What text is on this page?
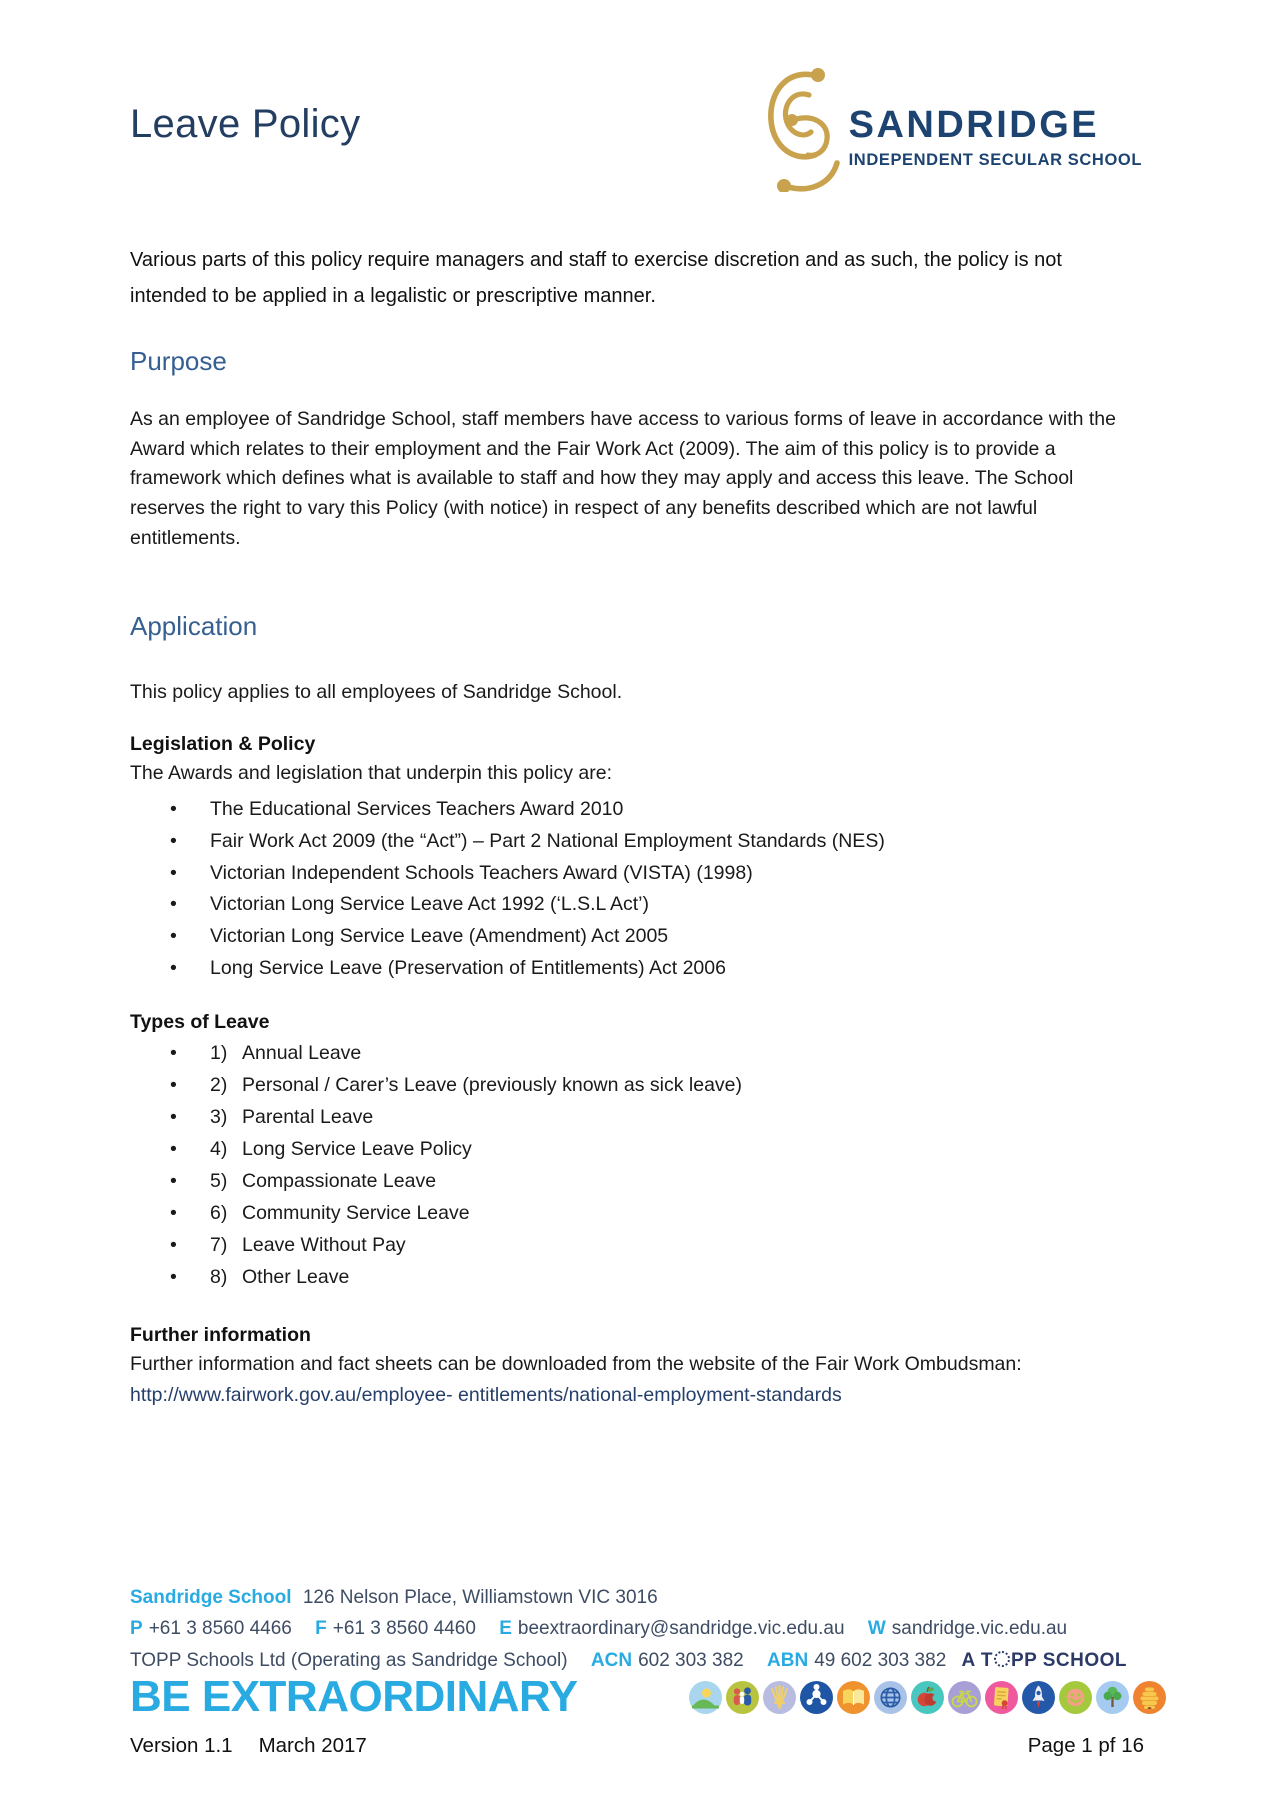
Leave Policy	SANDRIDGE
INDEPENDENT SECULAR SCHOOL

Various parts of this policy require managers and staff to exercise discretion and as such, the policy is not intended to be applied in a legalistic or prescriptive manner.

Purpose

As an employee of Sandridge School, staff members have access to various forms of leave in accordance with the Award which relates to their employment and the Fair Work Act (2009). The aim of this policy is to provide a framework which defines what is available to staff and how they may apply and access this leave. The School reserves the right to vary this Policy (with notice) in respect of any benefits described which are not lawful entitlements.

Application

This policy applies to all employees of Sandridge School.

Legislation & Policy
The Awards and legislation that underpin this policy are:
•
The Educational Services Teachers Award 2010
•
Fair Work Act 2009 (the “Act”) – Part 2 National Employment Standards (NES)
•
Victorian Independent Schools Teachers Award (VISTA) (1998)
•
Victorian Long Service Leave Act 1992 (‘L.S.L Act’)
•
Victorian Long Service Leave (Amendment) Act 2005
•
Long Service Leave (Preservation of Entitlements) Act 2006
Types of Leave
•
1) Annual Leave
•
2) Personal / Carer’s Leave (previously known as sick leave)
•
3) Parental Leave
•
4) Long Service Leave Policy
•
5) Compassionate Leave
•
6) Community Service Leave
•
7) Leave Without Pay
•
8) Other Leave
Further information
Further information and fact sheets can be downloaded from the website of the Fair Work Ombudsman:
http://www.fairwork.gov.au/employee- entitlements/national-employment-standards
Sandridge School 126 Nelson Place, Williamstown VIC 3016
P +61 3 8560 4466 F +61 3 8560 4460 E beextraordinary@sandridge.vic.edu.au W sandridge.vic.edu.au
TOPP Schools Ltd (Operating as Sandridge School) ACN 602 303 382 ABN 49 602 303 382 A T PP SCHOOL
BE EXTRAORDINARY
Version 1.1 March 2017	Page 1 pf 16
